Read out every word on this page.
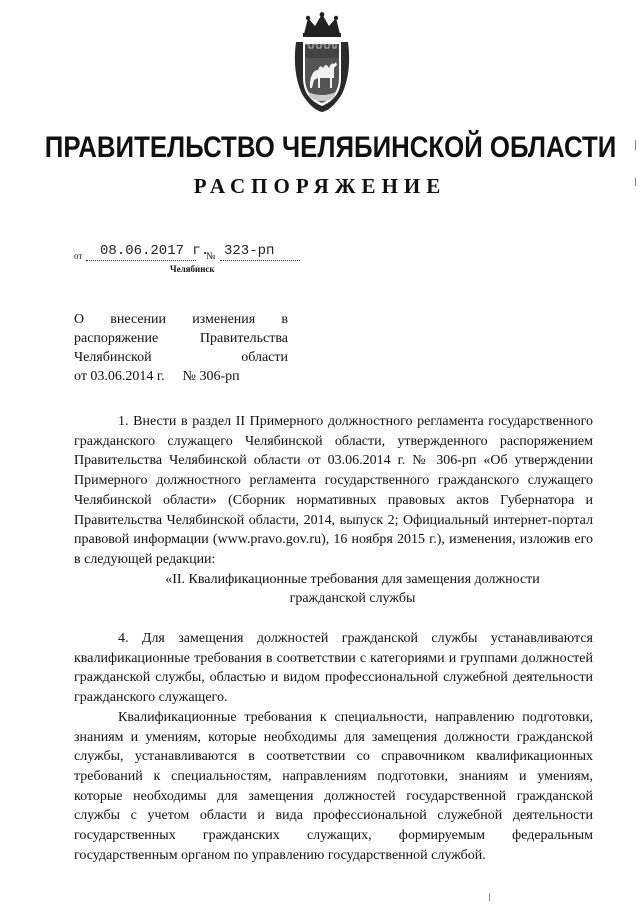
ПРАВИТЕЛЬСТВО ЧЕЛЯБИНСКОЙ ОБЛАСТИ
РАСПОРЯЖЕНИЕ
от 08.06.2017 г.
№ 323-рп
Челябинск
О внесении изменения в
распоряжение	Правительства
Челябинской	области
от 03.06.2014 г. № 306-рп

1. Внести в раздел II Примерного должностного регламента государственного гражданского служащего Челябинской области, утвержденного распоряжением Правительства Челябинской области от 03.06.2014 г. № 306-рп «Об утверждении Примерного должностного регламента государственного гражданского служащего Челябинской области» (Сборник нормативных правовых актов Губернатора и Правительства Челябинской области, 2014, выпуск 2; Официальный интернет-портал правовой информации (www.pravo.gov.ru), 16 ноября 2015 г.), изменения, изложив его в следующей редакции:

«II. Квалификационные требования для замещения должности

гражданской службы

4. Для замещения должностей гражданской службы устанавливаются квалификационные требования в соответствии с категориями и группами должностей гражданской службы, областью и видом профессиональной служебной деятельности гражданского служащего.

Квалификационные требования к специальности, направлению подготовки, знаниям и умениям, которые необходимы для замещения должности гражданской службы, устанавливаются в соответствии со справочником квалификационных требований к специальностям, направлениям подготовки, знаниям и умениям, которые необходимы для замещения должностей государственной гражданской службы с учетом области и вида профессиональной служебной деятельности государственных гражданских служащих, формируемым федеральным государственным органом по управлению государственной службой.
